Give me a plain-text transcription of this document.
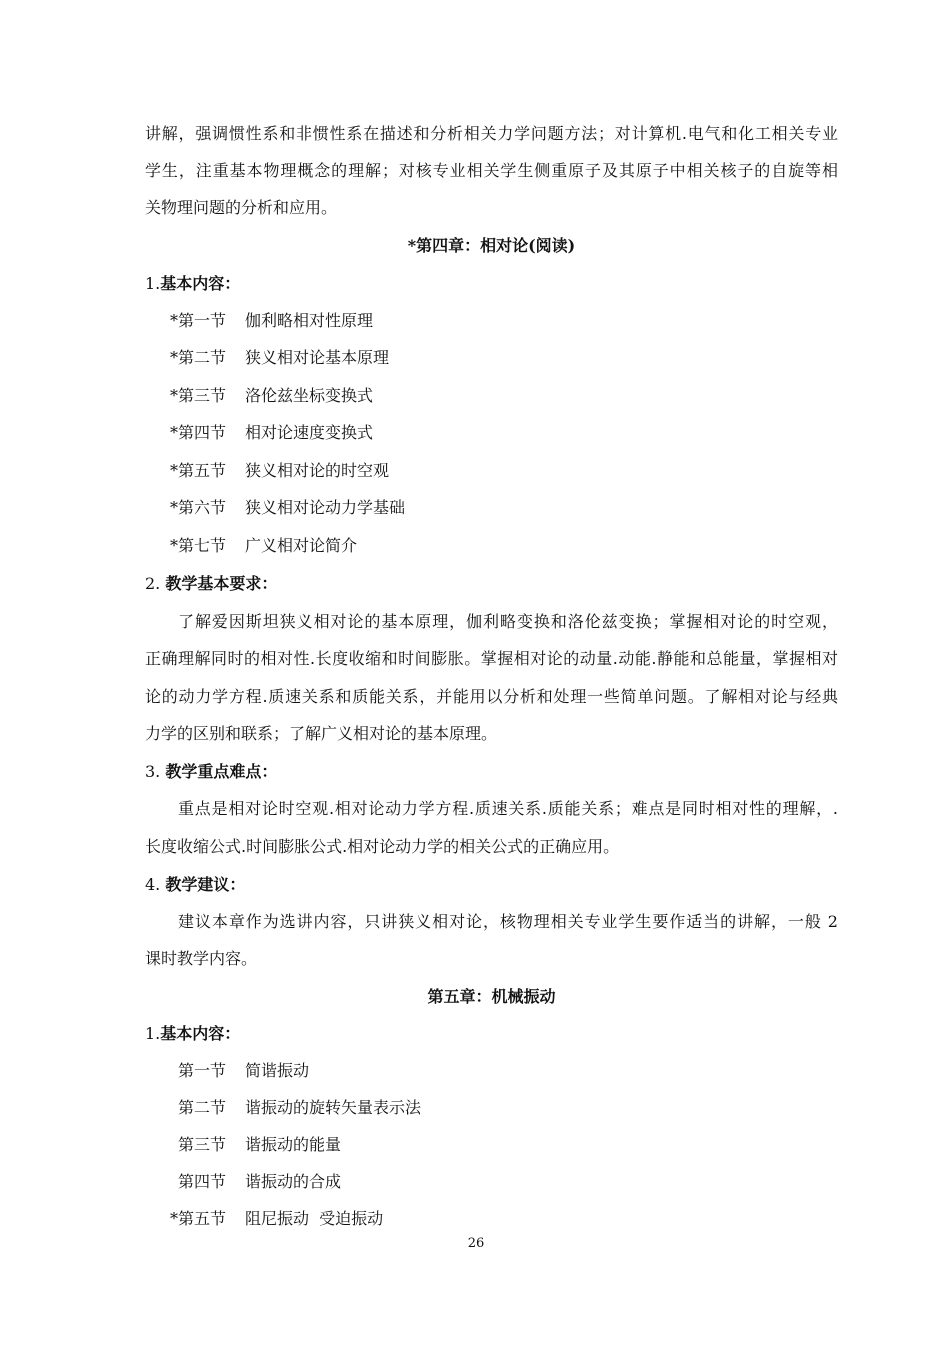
讲解，强调惯性系和非惯性系在描述和分析相关力学问题方法；对计算机.电气和化工相关专业
学生，注重基本物理概念的理解；对核专业相关学生侧重原子及其原子中相关核子的自旋等相
关物理问题的分析和应用。
*第四章：相对论(阅读)
1.基本内容：
*第一节 伽利略相对性原理
*第二节 狭义相对论基本原理
*第三节 洛伦兹坐标变换式
*第四节 相对论速度变换式
*第五节 狭义相对论的时空观
*第六节 狭义相对论动力学基础
*第七节 广义相对论简介
2. 教学基本要求：
了解爱因斯坦狭义相对论的基本原理，伽利略变换和洛伦兹变换；掌握相对论的时空观，
正确理解同时的相对性.长度收缩和时间膨胀。掌握相对论的动量.动能.静能和总能量，掌握相对
论的动力学方程.质速关系和质能关系，并能用以分析和处理一些简单问题。了解相对论与经典
力学的区别和联系；了解广义相对论的基本原理。
3. 教学重点难点：
重点是相对论时空观.相对论动力学方程.质速关系.质能关系；难点是同时相对性的理解，.
长度收缩公式.时间膨胀公式.相对论动力学的相关公式的正确应用。
4. 教学建议：
建议本章作为选讲内容，只讲狭义相对论，核物理相关专业学生要作适当的讲解，一般 2
课时教学内容。
第五章：机械振动
1.基本内容：
第一节 简谐振动
第二节 谐振动的旋转矢量表示法
第三节 谐振动的能量
第四节 谐振动的合成
*第五节 阻尼振动  受迫振动
26
